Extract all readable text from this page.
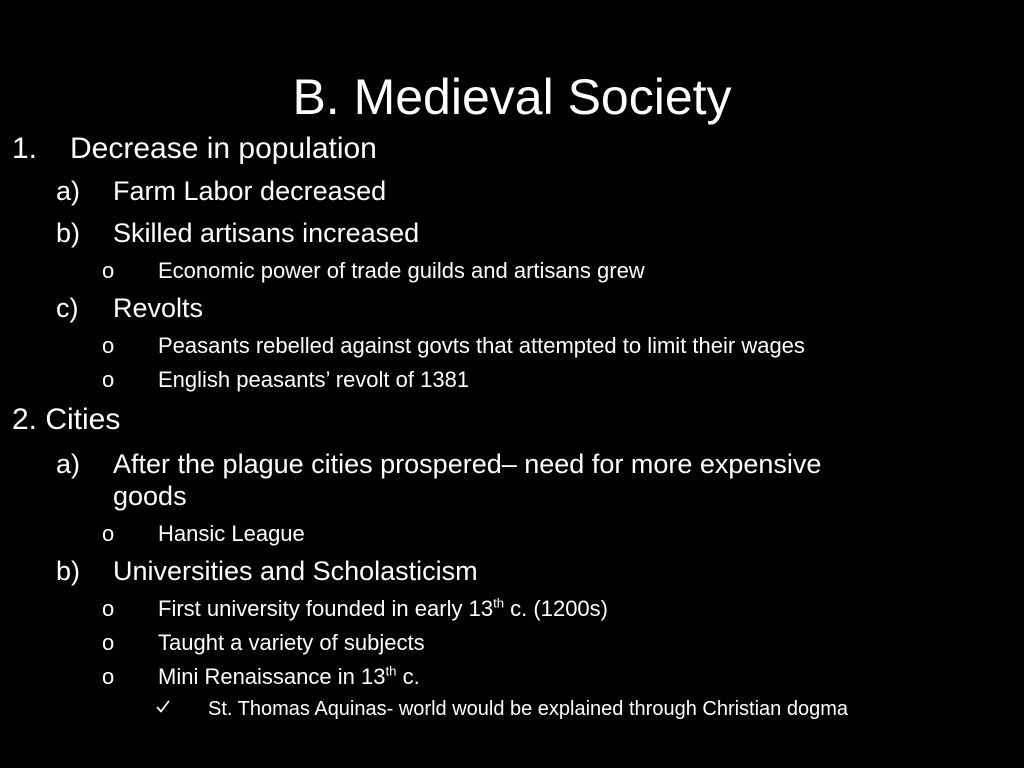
B. Medieval Society
1. Decrease in population
a) Farm Labor decreased
b) Skilled artisans increased
o Economic power of trade guilds and artisans grew
c) Revolts
o Peasants rebelled against govts that attempted to limit their wages
o English peasants’ revolt of 1381
2. Cities
a) After the plague cities prospered– need for more expensive
goods
o Hansic League
b) Universities and Scholasticism
o First university founded in early 13th c. (1200s)
o Taught a variety of subjects
o Mini Renaissance in 13th c.
St. Thomas Aquinas- world would be explained through Christian dogma
